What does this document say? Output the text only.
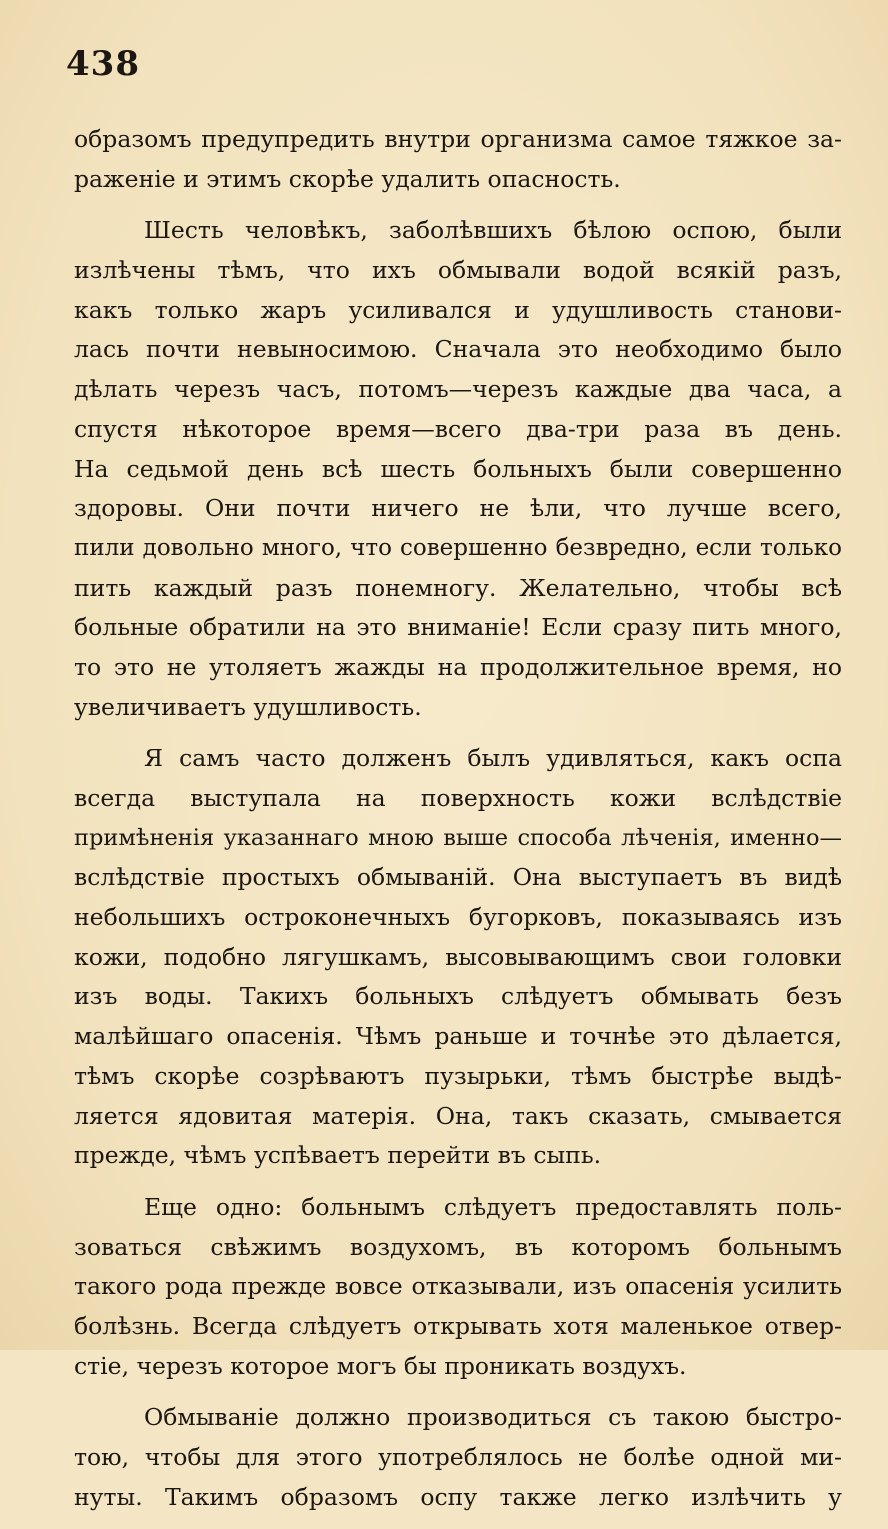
438
образомъ предупредить внутри организма самое тяжкое за-
раженіе и этимъ скорѣе удалить опасность.
Шесть человѣкъ, заболѣвшихъ бѣлою оспою, были
излѣчены тѣмъ, что ихъ обмывали водой всякій разъ,
какъ только жаръ усиливался и удушливость станови-
лась почти невыносимою. Сначала это необходимо было
дѣлать черезъ часъ, потомъ—черезъ каждые два часа, а
спустя нѣкоторое время—всего два-три раза въ день.
На седьмой день всѣ шесть больныхъ были совершенно
здоровы. Они почти ничего не ѣли, что лучше всего,
пили довольно много, что совершенно безвредно, если только
пить каждый разъ понемногу. Желательно, чтобы всѣ
больные обратили на это вниманіе! Если сразу пить много,
то это не утоляетъ жажды на продолжительное время, но
увеличиваетъ удушливость.
Я самъ часто долженъ былъ удивляться, какъ оспа
всегда выступала на поверхность кожи вслѣдствіе
примѣненія указаннаго мною выше способа лѣченія, именно—
вслѣдствіе простыхъ обмываній. Она выступаетъ въ видѣ
небольшихъ остроконечныхъ бугорковъ, показываясь изъ
кожи, подобно лягушкамъ, высовывающимъ свои головки
изъ воды. Такихъ больныхъ слѣдуетъ обмывать безъ
малѣйшаго опасенія. Чѣмъ раньше и точнѣе это дѣлается,
тѣмъ скорѣе созрѣваютъ пузырьки, тѣмъ быстрѣе выдѣ-
ляется ядовитая матерія. Она, такъ сказать, смывается
прежде, чѣмъ успѣваетъ перейти въ сыпь.
Еще одно: больнымъ слѣдуетъ предоставлять поль-
зоваться свѣжимъ воздухомъ, въ которомъ больнымъ
такого рода прежде вовсе отказывали, изъ опасенія усилить
болѣзнь. Всегда слѣдуетъ открывать хотя маленькое отвер-
стіе, черезъ которое могъ бы проникать воздухъ.
Обмываніе должно производиться съ такою быстро-
тою, чтобы для этого употреблялось не болѣе одной ми-
нуты. Такимъ образомъ оспу также легко излѣчить у
